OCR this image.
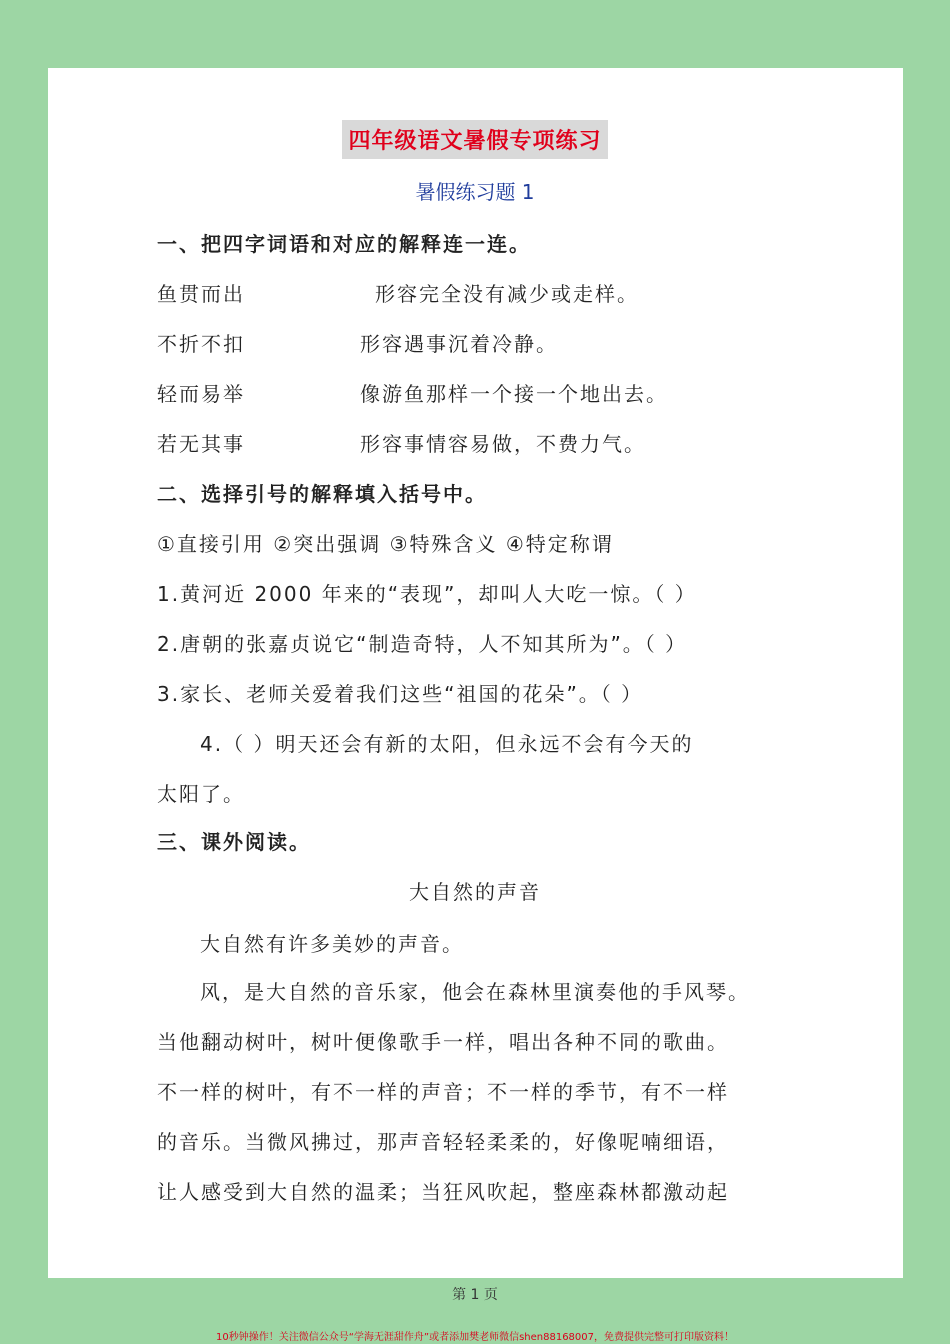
四年级语文暑假专项练习
暑假练习题 1
一、把四字词语和对应的解释连一连。
鱼贯而出	形容完全没有减少或走样。
不折不扣	形容遇事沉着冷静。
轻而易举	像游鱼那样一个接一个地出去。
若无其事	形容事情容易做，不费力气。
二、选择引号的解释填入括号中。
①直接引用 ②突出强调 ③特殊含义 ④特定称谓
1.黄河近 2000 年来的“表现”，却叫人大吃一惊。（ ）
2.唐朝的张嘉贞说它“制造奇特，人不知其所为”。（ ）
3.家长、老师关爱着我们这些“祖国的花朵”。（ ）
4.（ ）明天还会有新的太阳，但永远不会有今天的
太阳了。
三、课外阅读。
大自然的声音
大自然有许多美妙的声音。
风，是大自然的音乐家，他会在森林里演奏他的手风琴。
当他翻动树叶，树叶便像歌手一样，唱出各种不同的歌曲。
不一样的树叶，有不一样的声音；不一样的季节，有不一样
的音乐。当微风拂过，那声音轻轻柔柔的，好像呢喃细语，
让人感受到大自然的温柔；当狂风吹起，整座森林都激动起
第 1 页
10秒钟操作！关注微信公众号“学海无涯甜作舟”或者添加樊老师微信shen88168007，免费提供完整可打印版资料！
